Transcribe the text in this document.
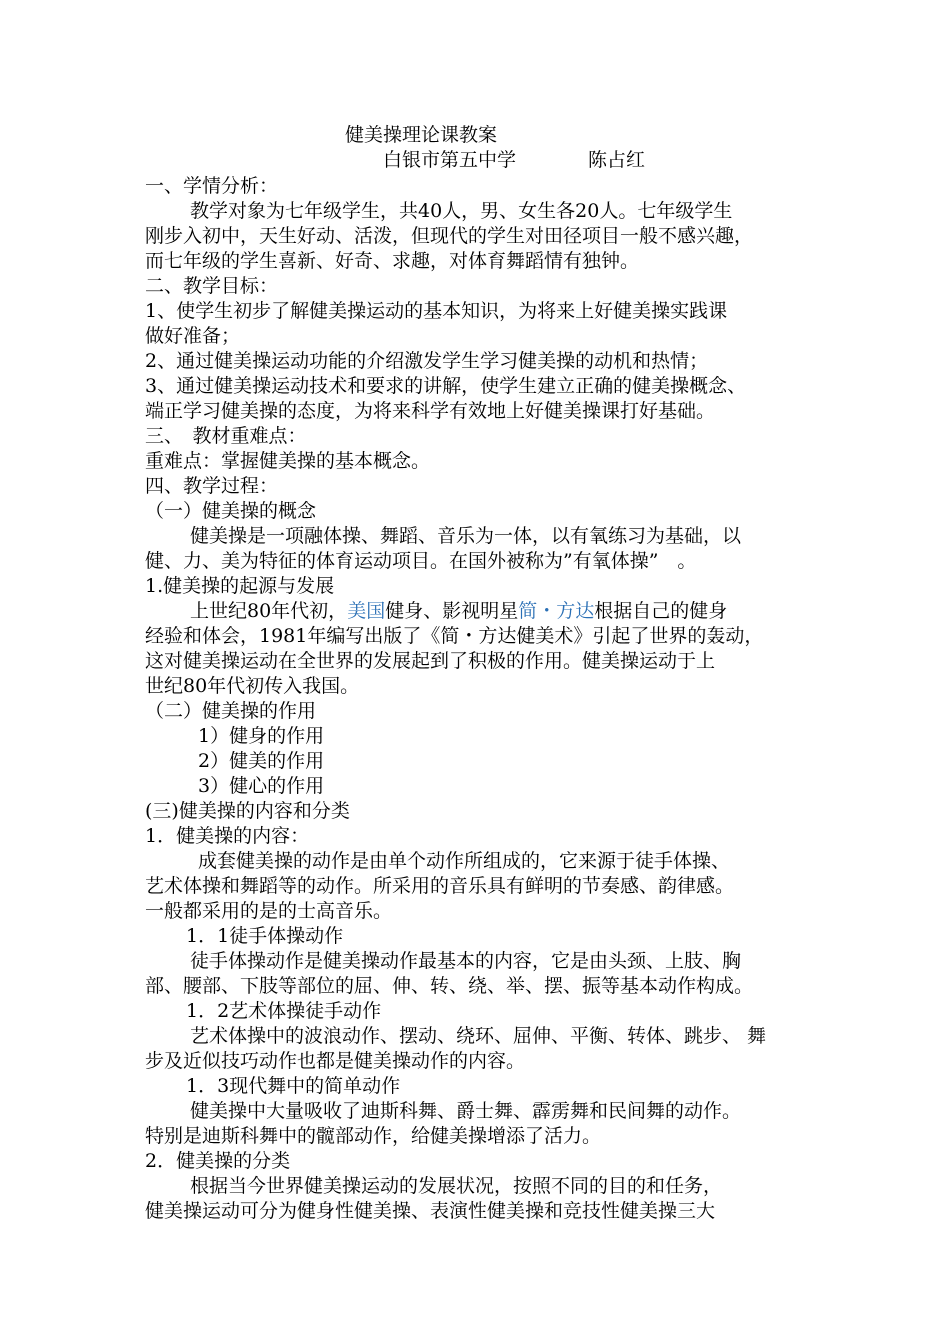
健美操理论课教案
白银市第五中学	陈占红
一、学情分析：
教学对象为七年级学生，共40人，男、女生各20人。七年级学生
刚步入初中，天生好动、活泼，但现代的学生对田径项目一般不感兴趣，
而七年级的学生喜新、好奇、求趣，对体育舞蹈情有独钟。
二、教学目标：
1、使学生初步了解健美操运动的基本知识，为将来上好健美操实践课
做好准备；
2、通过健美操运动功能的介绍激发学生学习健美操的动机和热情；
3、通过健美操运动技术和要求的讲解，使学生建立正确的健美操概念、
端正学习健美操的态度，为将来科学有效地上好健美操课打好基础。
三、　教材重难点：
重难点：掌握健美操的基本概念。
四、教学过程：
（一）健美操的概念
健美操是一项融体操、舞蹈、音乐为一体，以有氧练习为基础，以
健、力、美为特征的体育运动项目。在国外被称为”有氧体操”　。
1.健美操的起源与发展
上世纪80年代初，美国健身、影视明星简・方达根据自己的健身
经验和体会，1981年编写出版了《简・方达健美术》引起了世界的轰动，
这对健美操运动在全世界的发展起到了积极的作用。健美操运动于上
世纪80年代初传入我国。
（二）健美操的作用
1）健身的作用
2）健美的作用
3）健心的作用
(三)健美操的内容和分类
1．健美操的内容：
成套健美操的动作是由单个动作所组成的，它来源于徒手体操、
艺术体操和舞蹈等的动作。所采用的音乐具有鲜明的节奏感、韵律感。
一般都采用的是的士高音乐。
1．1徒手体操动作
徒手体操动作是健美操动作最基本的内容，它是由头颈、上肢、胸
部、腰部、下肢等部位的屈、伸、转、绕、举、摆、振等基本动作构成。
1．2艺术体操徒手动作
艺术体操中的波浪动作、摆动、绕环、屈伸、平衡、转体、跳步、 舞
步及近似技巧动作也都是健美操动作的内容。
1．3现代舞中的简单动作
健美操中大量吸收了迪斯科舞、爵士舞、霹雳舞和民间舞的动作。
特别是迪斯科舞中的髋部动作，给健美操增添了活力。
2．健美操的分类
根据当今世界健美操运动的发展状况，按照不同的目的和任务，
健美操运动可分为健身性健美操、表演性健美操和竞技性健美操三大
